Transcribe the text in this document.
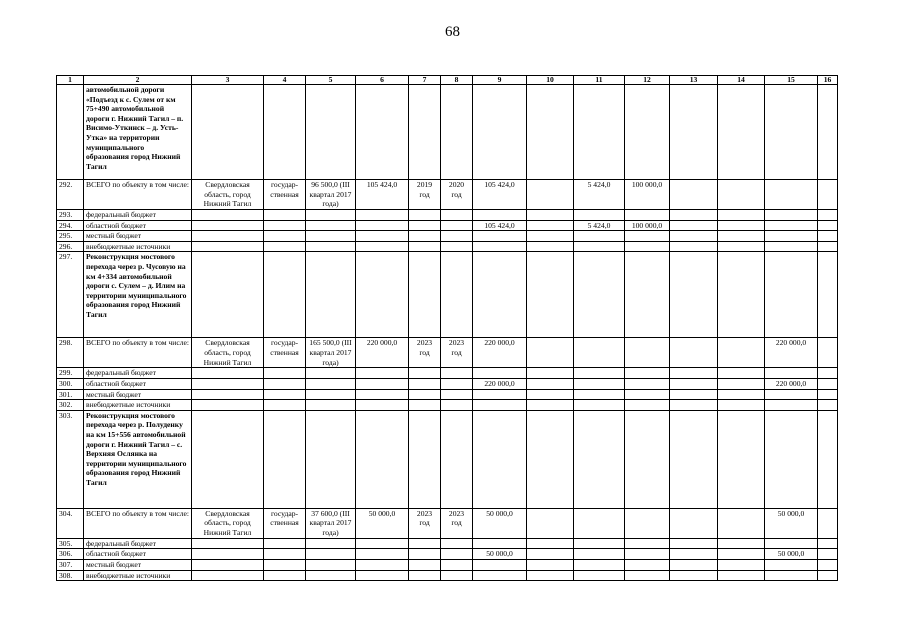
68
1	2	3	4	5	6	7	8	9	10	11	12	13	14	15	16
	автомобильной дороги «Подъезд к с. Сулем от км 75+490 автомобильной дороги г. Нижний Тагил – п. Висимо-Уткинск – д. Усть-Утка» на территории муниципального образования город Нижний Тагил														
292.	ВСЕГО по объекту в том числе:	Свердловская область, город Нижний Тагил	государ-ственная	96 500,0 (III квартал 2017 года)	105 424,0	2019 год	2020 год	105 424,0		5 424,0	100 000,0				
293.	федеральный бюджет														
294.	областной бюджет							105 424,0		5 424,0	100 000,0				
295.	местный бюджет														
296.	внебюджетные источники														
297.	Реконструкция мостового перехода через р. Чусовую на км 4+334 автомобильной дороги с. Сулем – д. Илим на территории муниципального образования город Нижний Тагил														
298.	ВСЕГО по объекту в том числе:	Свердловская область, город Нижний Тагил	государ-ственная	165 500,0 (III квартал 2017 года)	220 000,0	2023 год	2023 год	220 000,0						220 000,0	
299.	федеральный бюджет														
300.	областной бюджет							220 000,0						220 000,0	
301.	местный бюджет														
302.	внебюджетные источники														
303.	Реконструкция мостового перехода через р. Полуденку на км 15+556 автомобильной дороги г. Нижний Тагил – с. Верхняя Ослянка на территории муниципального образования город Нижний Тагил														
304.	ВСЕГО по объекту в том числе:	Свердловская область, город Нижний Тагил	государ-ственная	37 600,0 (III квартал 2017 года)	50 000,0	2023 год	2023 год	50 000,0						50 000,0	
305.	федеральный бюджет														
306.	областной бюджет							50 000,0						50 000,0	
307.	местный бюджет														
308.	внебюджетные источники														
